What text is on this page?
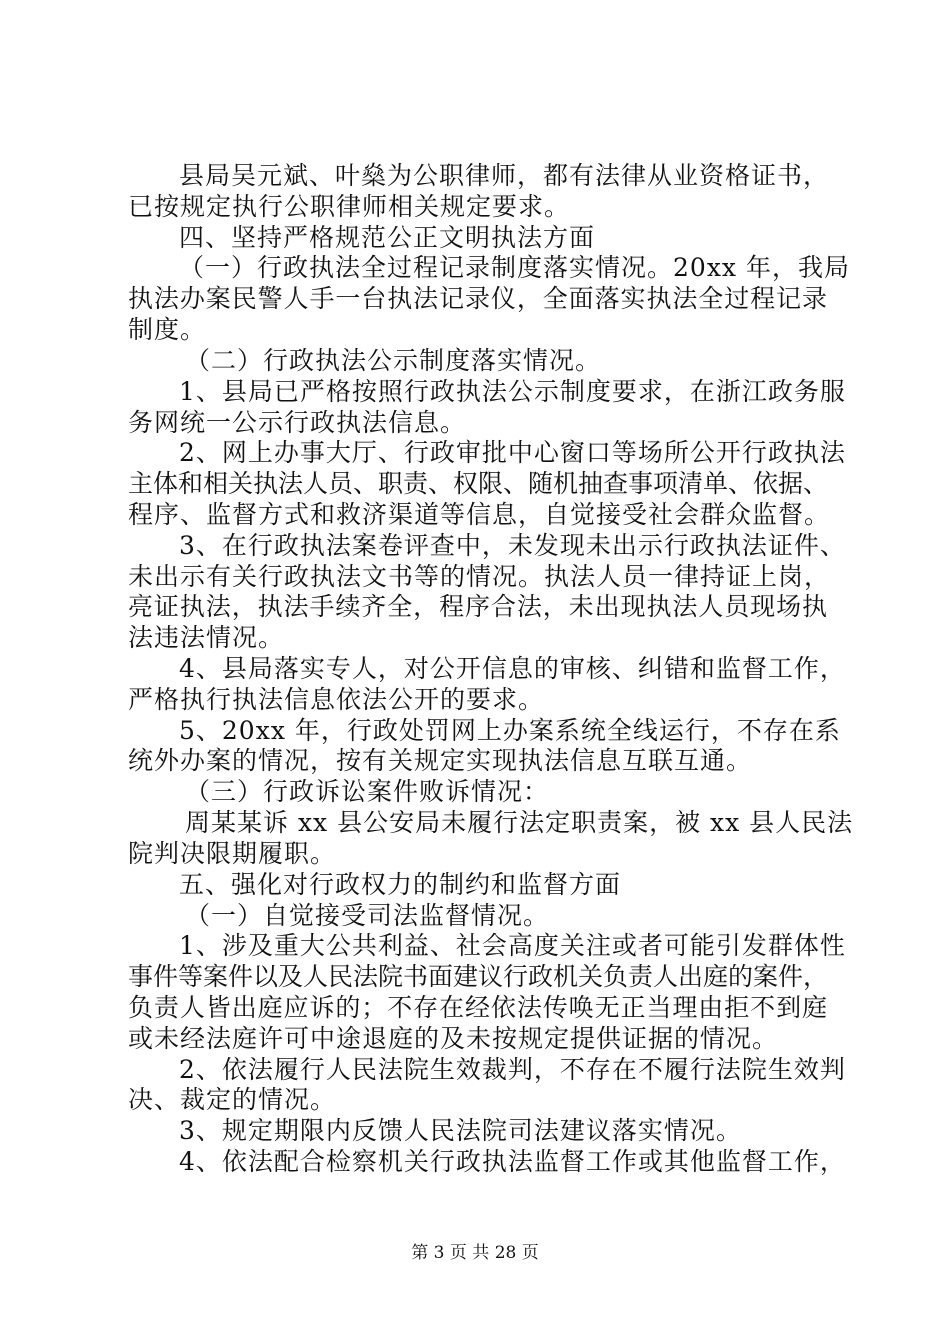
县局吴元斌、叶燊为公职律师，都有法律从业资格证书，
已按规定执行公职律师相关规定要求。
四、坚持严格规范公正文明执法方面
（一）行政执法全过程记录制度落实情况。20xx 年，我局
执法办案民警人手一台执法记录仪，全面落实执法全过程记录
制度。
（二）行政执法公示制度落实情况。
1、县局已严格按照行政执法公示制度要求，在浙江政务服
务网统一公示行政执法信息。
2、网上办事大厅、行政审批中心窗口等场所公开行政执法
主体和相关执法人员、职责、权限、随机抽查事项清单、依据、
程序、监督方式和救济渠道等信息，自觉接受社会群众监督。
3、在行政执法案卷评查中，未发现未出示行政执法证件、
未出示有关行政执法文书等的情况。执法人员一律持证上岗，
亮证执法，执法手续齐全，程序合法，未出现执法人员现场执
法违法情况。
4、县局落实专人，对公开信息的审核、纠错和监督工作，
严格执行执法信息依法公开的要求。
5、20xx 年，行政处罚网上办案系统全线运行，不存在系
统外办案的情况，按有关规定实现执法信息互联互通。
（三）行政诉讼案件败诉情况：
周某某诉 xx 县公安局未履行法定职责案，被 xx 县人民法
院判决限期履职。
五、强化对行政权力的制约和监督方面
（一）自觉接受司法监督情况。
1、涉及重大公共利益、社会高度关注或者可能引发群体性
事件等案件以及人民法院书面建议行政机关负责人出庭的案件，
负责人皆出庭应诉的；不存在经依法传唤无正当理由拒不到庭
或未经法庭许可中途退庭的及未按规定提供证据的情况。
2、依法履行人民法院生效裁判，不存在不履行法院生效判
决、裁定的情况。
3、规定期限内反馈人民法院司法建议落实情况。
4、依法配合检察机关行政执法监督工作或其他监督工作，
第 3 页 共 28 页
